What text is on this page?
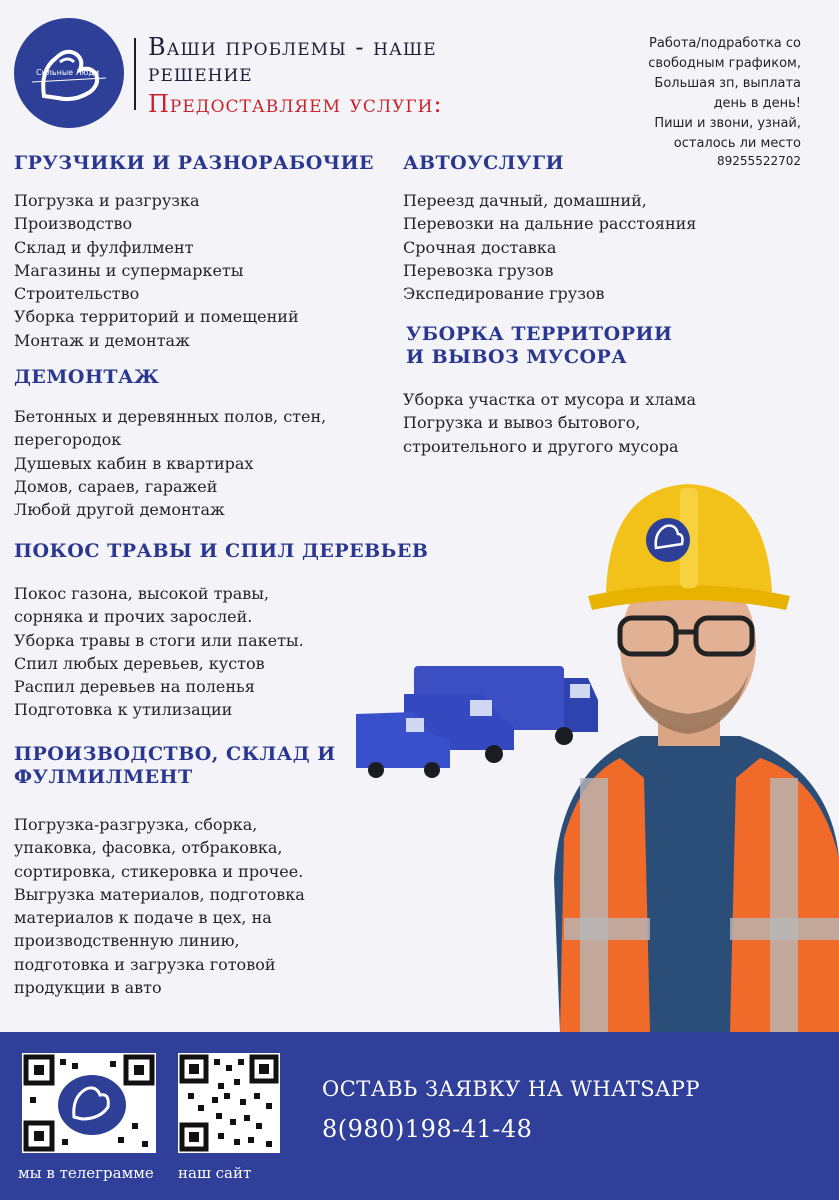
Сильные Люди
Ваши проблемы - наше решение
Предоставляем услуги:
Работа/подработка со
свободным графиком,
Большая зп, выплата
день в день!
Пиши и звони, узнай,
осталось ли место
89255522702
ГРУЗЧИКИ И РАЗНОРАБОЧИЕ
Погрузка и разгрузка
Производство
Склад и фулфилмент
Магазины и супермаркеты
Строительство
Уборка территорий и помещений
Монтаж и демонтаж
ДЕМОНТАЖ
Бетонных и деревянных полов, стен,
перегородок
Душевых кабин в квартирах
Домов, сараев, гаражей
Любой другой демонтаж
ПОКОС ТРАВЫ И СПИЛ ДЕРЕВЬЕВ
Покос газона, высокой травы,
сорняка и прочих зарослей.
Уборка травы в стоги или пакеты.
Спил любых деревьев, кустов
Распил деревьев на поленья
Подготовка к утилизации
ПРОИЗВОДСТВО, СКЛАД И
ФУЛМИЛМЕНТ
Погрузка-разгрузка, сборка,
упаковка, фасовка, отбраковка,
сортировка, стикеровка и прочее.
Выгрузка материалов, подготовка
материалов к подаче в цех, на
производственную линию,
подготовка и загрузка готовой
продукции в авто
АВТОУСЛУГИ
Переезд дачный, домашний,
Перевозки на дальние расстояния
Срочная доставка
Перевозка грузов
Экспедирование грузов
УБОРКА ТЕРРИТОРИИ
И ВЫВОЗ МУСОРА
Уборка участка от мусора и хлама
Погрузка и вывоз бытового,
строительного и другого мусора
мы в телеграмме наш сайт
ОСТАВЬ ЗАЯВКУ НА WHATSAPP
8(980)198-41-48
